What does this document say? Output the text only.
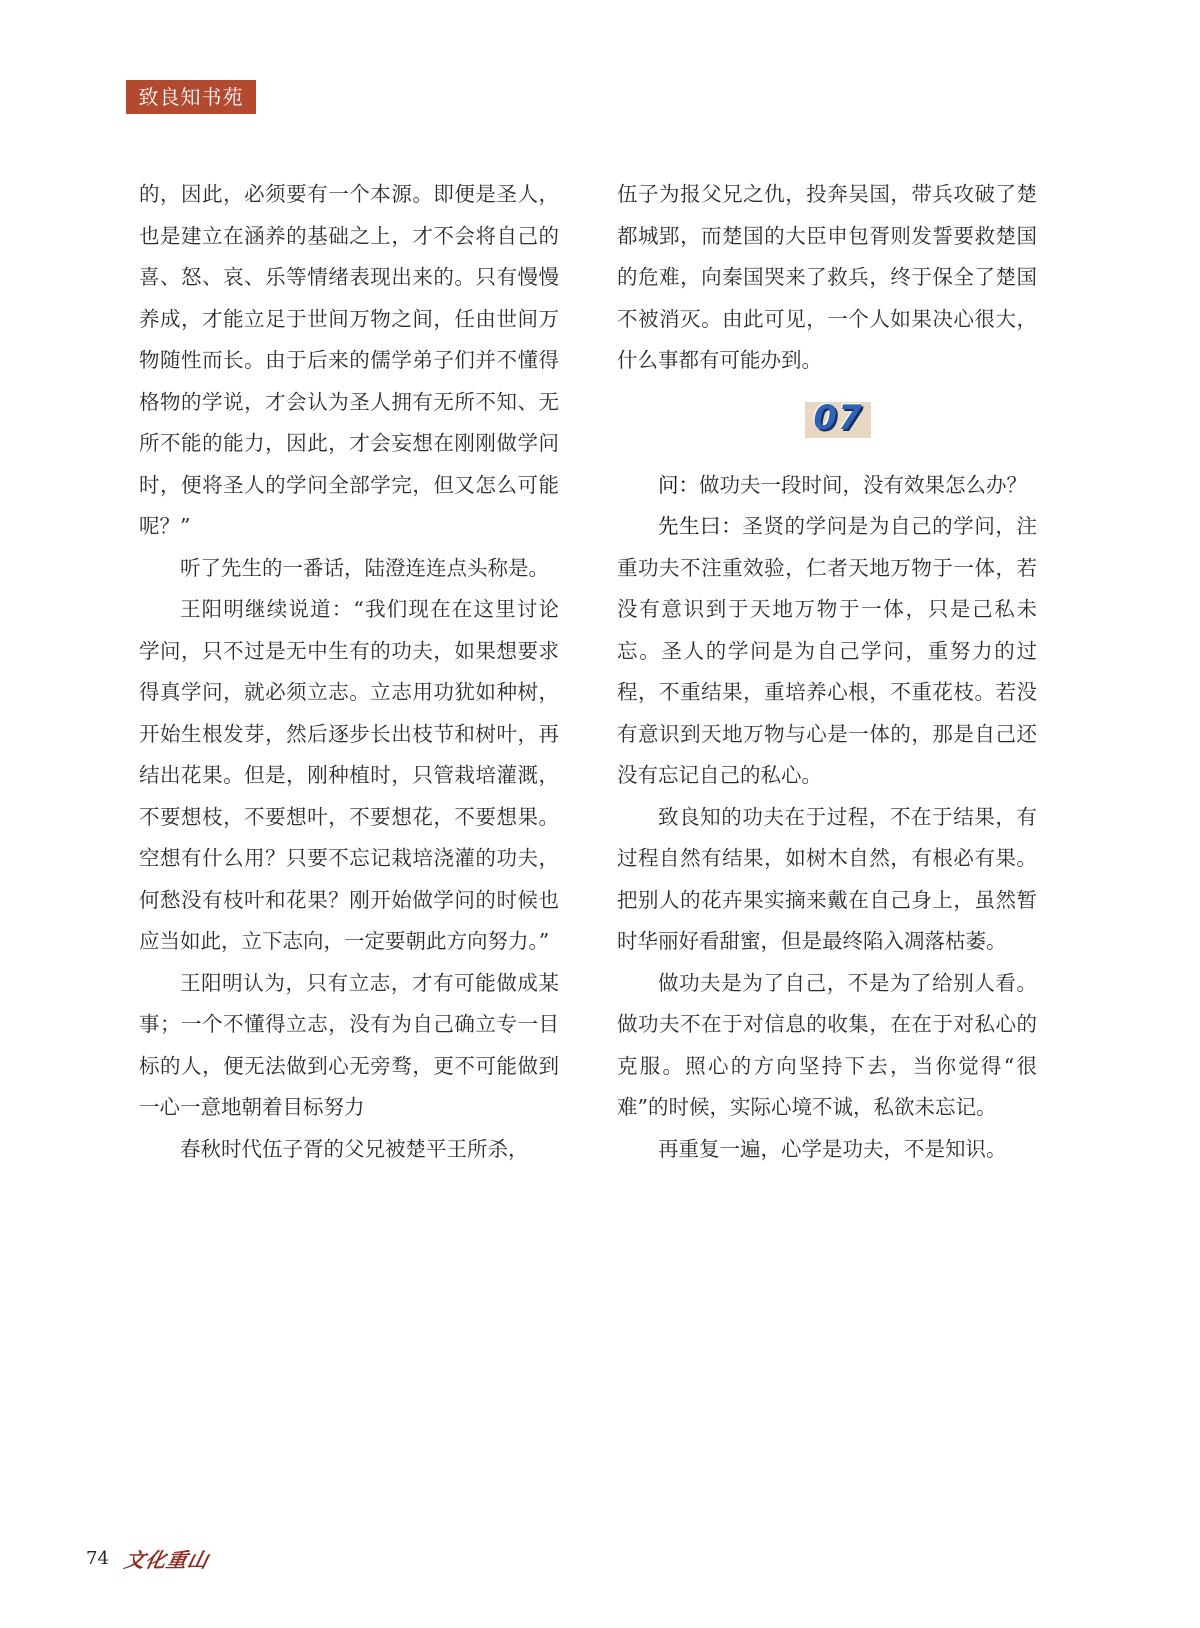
致良知书苑

的，因此，必须要有一个本源。即便是圣人，也是建立在涵养的基础之上，才不会将自己的喜、怒、哀、乐等情绪表现出来的。只有慢慢养成，才能立足于世间万物之间，任由世间万物随性而长。由于后来的儒学弟子们并不懂得格物的学说，才会认为圣人拥有无所不知、无所不能的能力，因此，才会妄想在刚刚做学问时，便将圣人的学问全部学完，但又怎么可能呢？”

听了先生的一番话，陆澄连连点头称是。

王阳明继续说道：“我们现在在这里讨论学问，只不过是无中生有的功夫，如果想要求得真学问，就必须立志。立志用功犹如种树，开始生根发芽，然后逐步长出枝节和树叶，再结出花果。但是，刚种植时，只管栽培灌溉，不要想枝，不要想叶，不要想花，不要想果。空想有什么用？只要不忘记栽培浇灌的功夫，何愁没有枝叶和花果？刚开始做学问的时候也应当如此，立下志向，一定要朝此方向努力。”

王阳明认为，只有立志，才有可能做成某事；一个不懂得立志，没有为自己确立专一目标的人，便无法做到心无旁骛，更不可能做到一心一意地朝着目标努力

春秋时代伍子胥的父兄被楚平王所杀，

伍子为报父兄之仇，投奔吴国，带兵攻破了楚都城郢，而楚国的大臣申包胥则发誓要救楚国的危难，向秦国哭来了救兵，终于保全了楚国不被消灭。由此可见，一个人如果决心很大，什么事都有可能办到。

07

问：做功夫一段时间，没有效果怎么办？

先生曰：圣贤的学问是为自己的学问，注重功夫不注重效验，仁者天地万物于一体，若没有意识到于天地万物于一体，只是己私未忘。圣人的学问是为自己学问，重努力的过程，不重结果，重培养心根，不重花枝。若没有意识到天地万物与心是一体的，那是自己还没有忘记自己的私心。

致良知的功夫在于过程，不在于结果，有过程自然有结果，如树木自然，有根必有果。把别人的花卉果实摘来戴在自己身上，虽然暂时华丽好看甜蜜，但是最终陷入凋落枯萎。

做功夫是为了自己，不是为了给别人看。做功夫不在于对信息的收集，在在于对私心的克服。照心的方向坚持下去，当你觉得“很难”的时候，实际心境不诚，私欲未忘记。

再重复一遍，心学是功夫，不是知识。

74 文化重山
